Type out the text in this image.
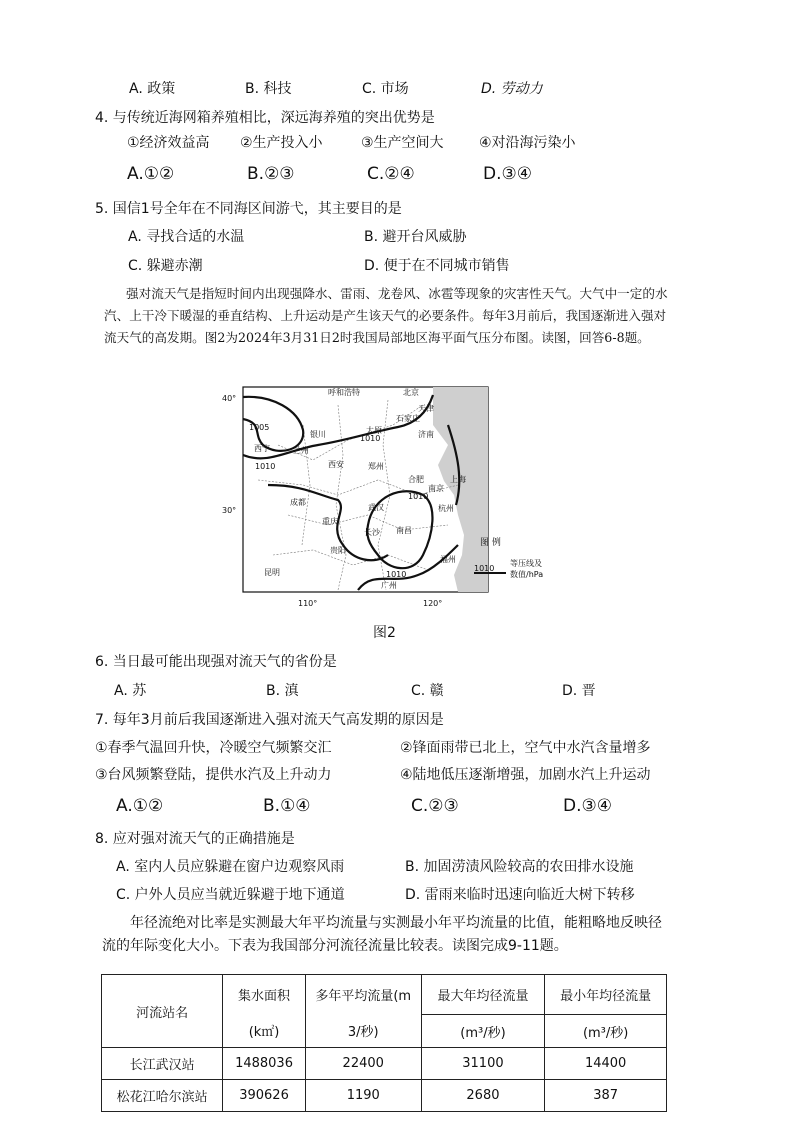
A. 政策	B. 科技	C. 市场	D. 劳动力
4. 与传统近海网箱养殖相比，深远海养殖的突出优势是
①经济效益高 ②生产投入小	③生产空间大	④对沿海污染小
A.①②	B.②③	C.②④	D.③④
5. 国信1号全年在不同海区间游弋，其主要目的是
A. 寻找合适的水温	B. 避开台风威胁
C. 躲避赤潮	D. 便于在不同城市销售
强对流天气是指短时间内出现强降水、雷雨、龙卷风、冰雹等现象的灾害性天气。大气中一定的水汽、上干冷下暖湿的垂直结构、上升运动是产生该天气的必要条件。每年3月前后，我国逐渐进入强对流天气的高发期。图2为2024年3月31日2时我国局部地区海平面气压分布图。读图，回答6-8题。
40°
30°
110°	120°
1005
1010
1010
1010
1010
呼和浩特	北京
石家庄
天津
太原	济南
银川
西宁	兰州
西安	郑州
合肥
南京
上海
成都
武汉	杭州
重庆
长沙 南昌
贵阳
福州
昆明
广州
图 例
1010
等压线及
数值/hPa
图2
6. 当日最可能出现强对流天气的省份是
A. 苏	B. 滇	C. 赣	D. 晋
7. 每年3月前后我国逐渐进入强对流天气高发期的原因是
①春季气温回升快，冷暖空气频繁交汇	②锋面雨带已北上，空气中水汽含量增多
③台风频繁登陆，提供水汽及上升动力	④陆地低压逐渐增强，加剧水汽上升运动
A.①②	B.①④	C.②③	D.③④
8. 应对强对流天气的正确措施是
A. 室内人员应躲避在窗户边观察风雨	B. 加固涝渍风险较高的农田排水设施
C. 户外人员应当就近躲避于地下通道	D. 雷雨来临时迅速向临近大树下转移
年径流绝对比率是实测最大年平均流量与实测最小年平均流量的比值，能粗略地反映径流的年际变化大小。下表为我国部分河流径流量比较表。读图完成9-11题。
河流站名	集水面积	多年平均流量(m	最大年均径流量	最小年均径流量
	(k㎡)	3/秒)	(m³/秒)	(m³/秒)
长江武汉站	1488036	22400	31100	14400
松花江哈尔滨站	390626	1190	2680	387
